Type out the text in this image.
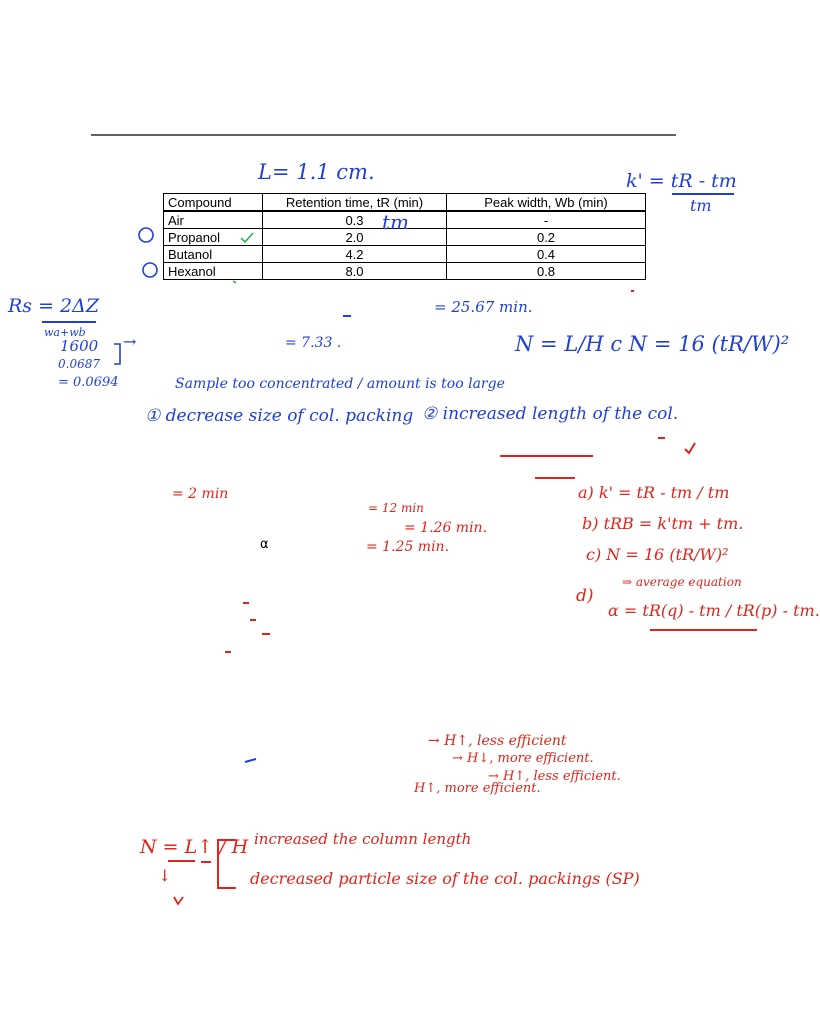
L= 1.1 cm.
Compound	Retention time, tR (min)	Peak width, Wb (min)
Air	0.3	-
Propanol	2.0	0.2
Butanol	4.2	0.4
Hexanol	8.0	0.8
tm
k' = tR - tm
tm
Rs = 2ΔZ
wa+wb
1600
0.0687
= 0.0694
→
= 25.67 min.
= 7.33 .	N = L/H c N = 16 (tR/W)²
Sample too concentrated / amount is too large
① decrease size of col. packing ② increased length of the col.
= 2 min
= 12 min
= 1.26 min.
= 1.25 min.
α
a) k' = tR - tm / tm
b) tRB = k'tm + tm.
c) N = 16 (tR/W)²
d)
⇒ average equation
α = tR(q) - tm / tR(p) - tm.
→ H↑, less efficient
→ H↓, more efficient.
→ H↑, less efficient.
H↑, more efficient.
N = L↑ / H
↓
increased the column length
decreased particle size of the col. packings (SP)
